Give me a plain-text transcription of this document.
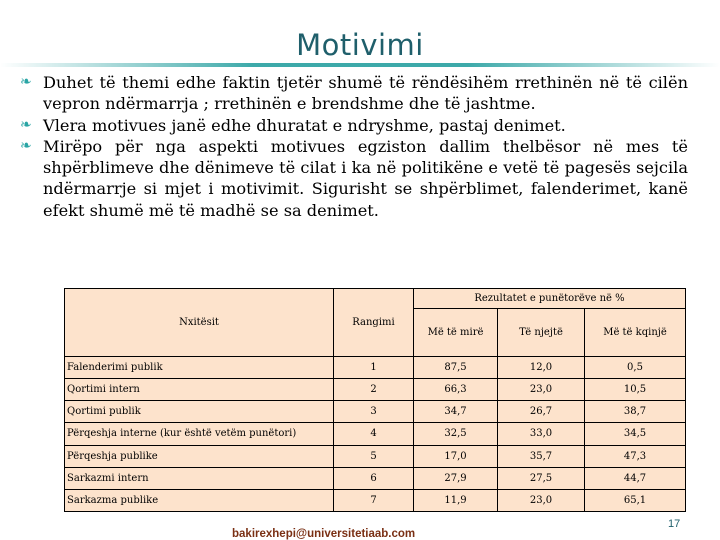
Motivimi
❧ Duhet të themi edhe faktin tjetër shumë të rëndësihëm rrethinën në të cilën vepron ndërmarrja ; rrethinën e brendshme dhe të jashtme.
❧ Vlera motivues janë edhe dhuratat e ndryshme, pastaj denimet.
❧ Mirëpo për nga aspekti motivues egziston dallim thelbësor në mes të shpërblimeve dhe dënimeve të cilat i ka në politikëne e vetë të pagesës sejcila ndërmarrje si mjet i motivimit. Sigurisht se shpërblimet, falenderimet, kanë efekt shumë më të madhë se sa denimet.
Nxitësit	Rangimi	Rezultatet e punëtorëve në %		
		Më të mirë	Të njejtë	Më të kqinjë
Falenderimi publik	1	87,5	12,0	0,5
Qortimi intern	2	66,3	23,0	10,5
Qortimi publik	3	34,7	26,7	38,7
Përqeshja interne (kur është vetëm punëtori)	4	32,5	33,0	34,5
Përqeshja publike	5	17,0	35,7	47,3
Sarkazmi intern	6	27,9	27,5	44,7
Sarkazma publike	7	11,9	23,0	65,1
17
bakirexhepi@universitetiaab.com
